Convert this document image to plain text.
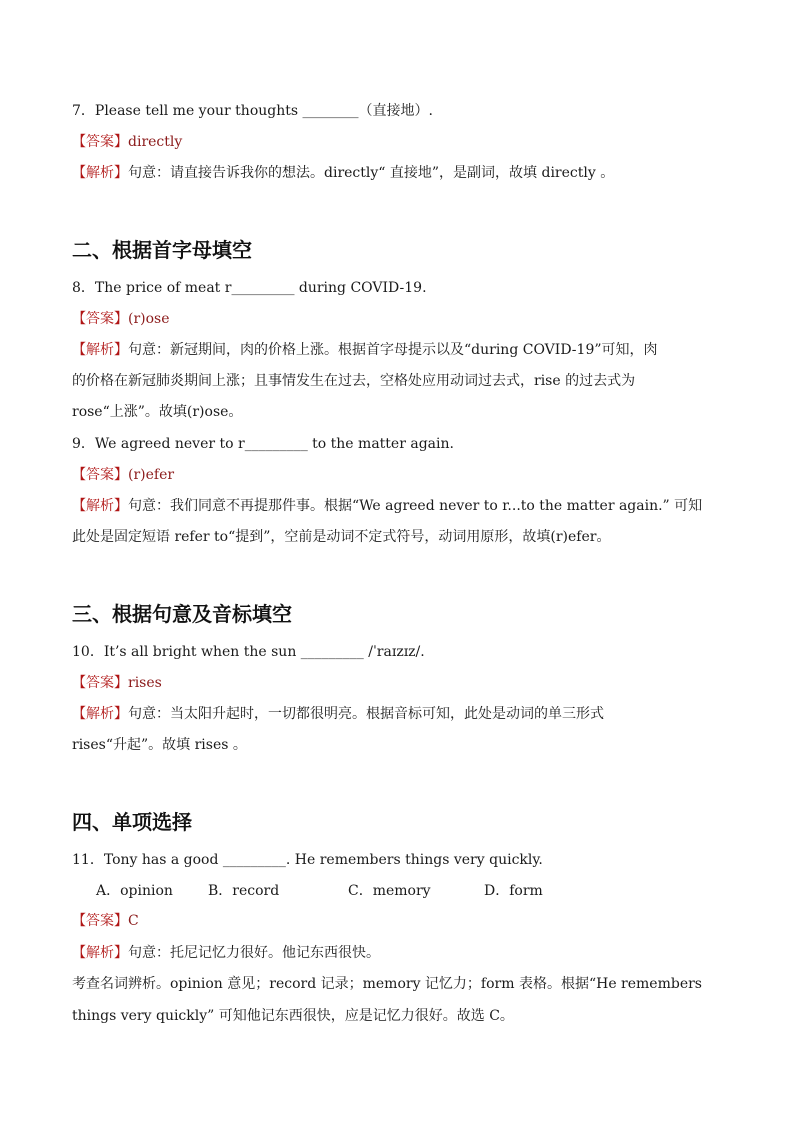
7．Please tell me your thoughts ________（直接地）.
【答案】directly
【解析】句意：请直接告诉我你的想法。directly“ 直接地”，是副词，故填 directly 。
二、根据首字母填空
8．The price of meat r_________ during COVID-19.
【答案】(r)ose
【解析】句意：新冠期间，肉的价格上涨。根据首字母提示以及“during COVID-19”可知，肉
的价格在新冠肺炎期间上涨；且事情发生在过去，空格处应用动词过去式，rise 的过去式为
rose“上涨”。故填(r)ose。
9．We agreed never to r_________ to the matter again.
【答案】(r)efer
【解析】句意：我们同意不再提那件事。根据“We agreed never to r...to the matter again.” 可知
此处是固定短语 refer to“提到”，空前是动词不定式符号，动词用原形，故填(r)efer。
三、根据句意及音标填空
10．It’s all bright when the sun _________ /ˈraɪzɪz/.
【答案】rises
【解析】句意：当太阳升起时，一切都很明亮。根据音标可知，此处是动词的单三形式
rises“升起”。故填 rises 。
四、单项选择
11．Tony has a good _________. He remembers things very quickly.
A．opinion	B．record	C．memory	D．form
【答案】C
【解析】句意：托尼记忆力很好。他记东西很快。
考查名词辨析。opinion 意见；record 记录；memory 记忆力；form 表格。根据“He remembers
things very quickly” 可知他记东西很快，应是记忆力很好。故选 C。
